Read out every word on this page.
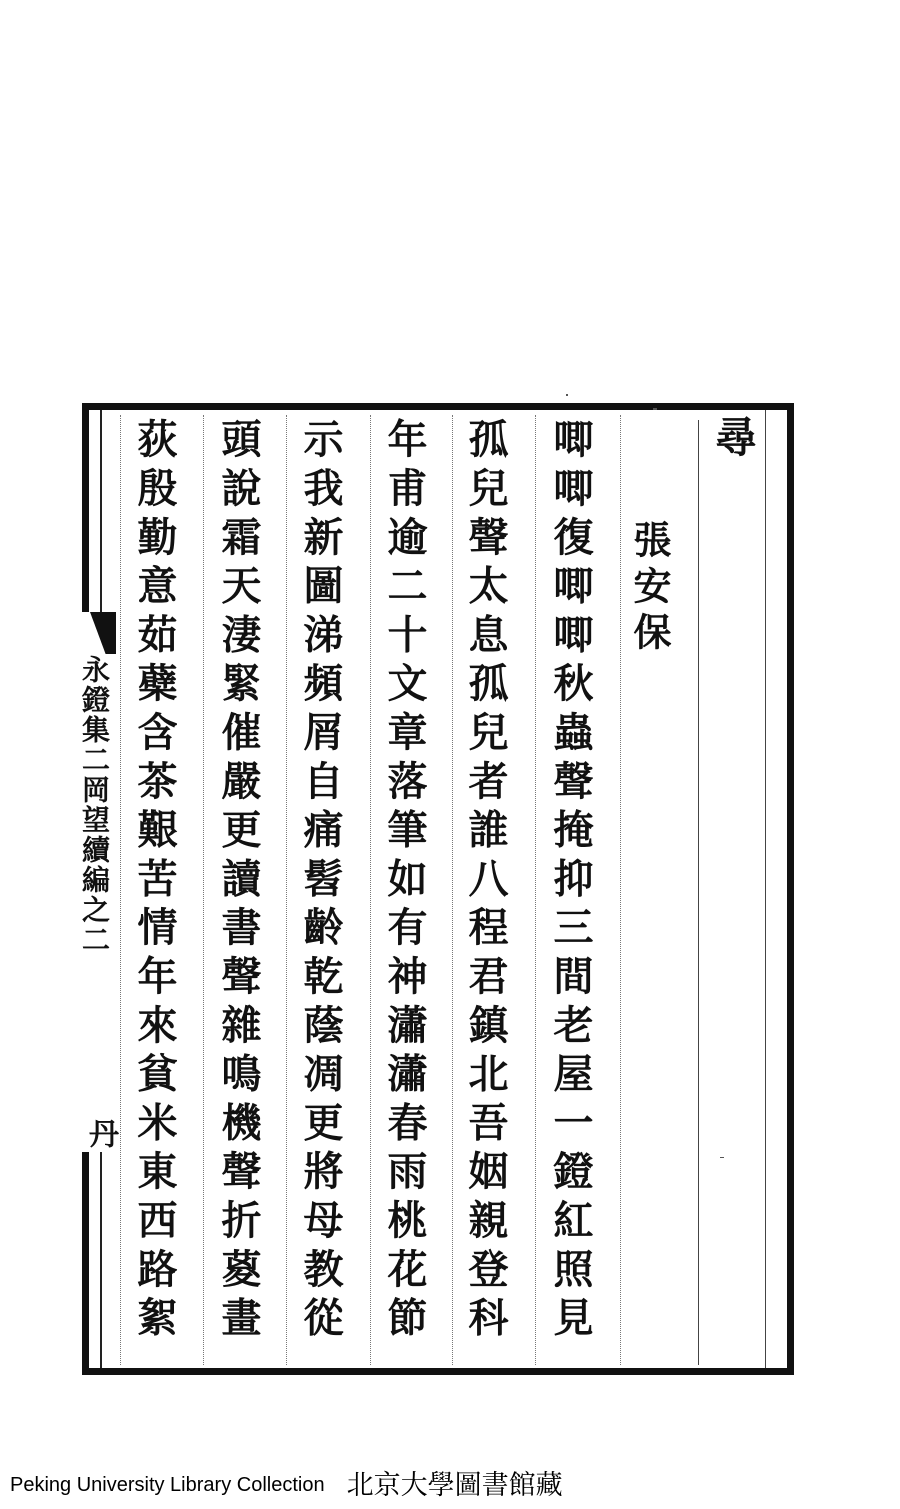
永鐙集二岡望續編之二
丹
尋
張安保
唧唧復唧唧秋蟲聲掩抑三間老屋一鐙紅照見
孤兒聲太息孤兒者誰八程君鎮北吾姻親登科
年甫逾二十文章落筆如有神瀟瀟春雨桃花節
示我新圖涕頻屑自痛髫齡乾蔭凋更將母教從
頭說霜天淒緊催嚴更讀書聲雜鳴機聲折葼畫
荻殷勤意茹蘗含茶艱苦情年來貧米東西路絮
Peking University Library Collection 北京大學圖書館藏
